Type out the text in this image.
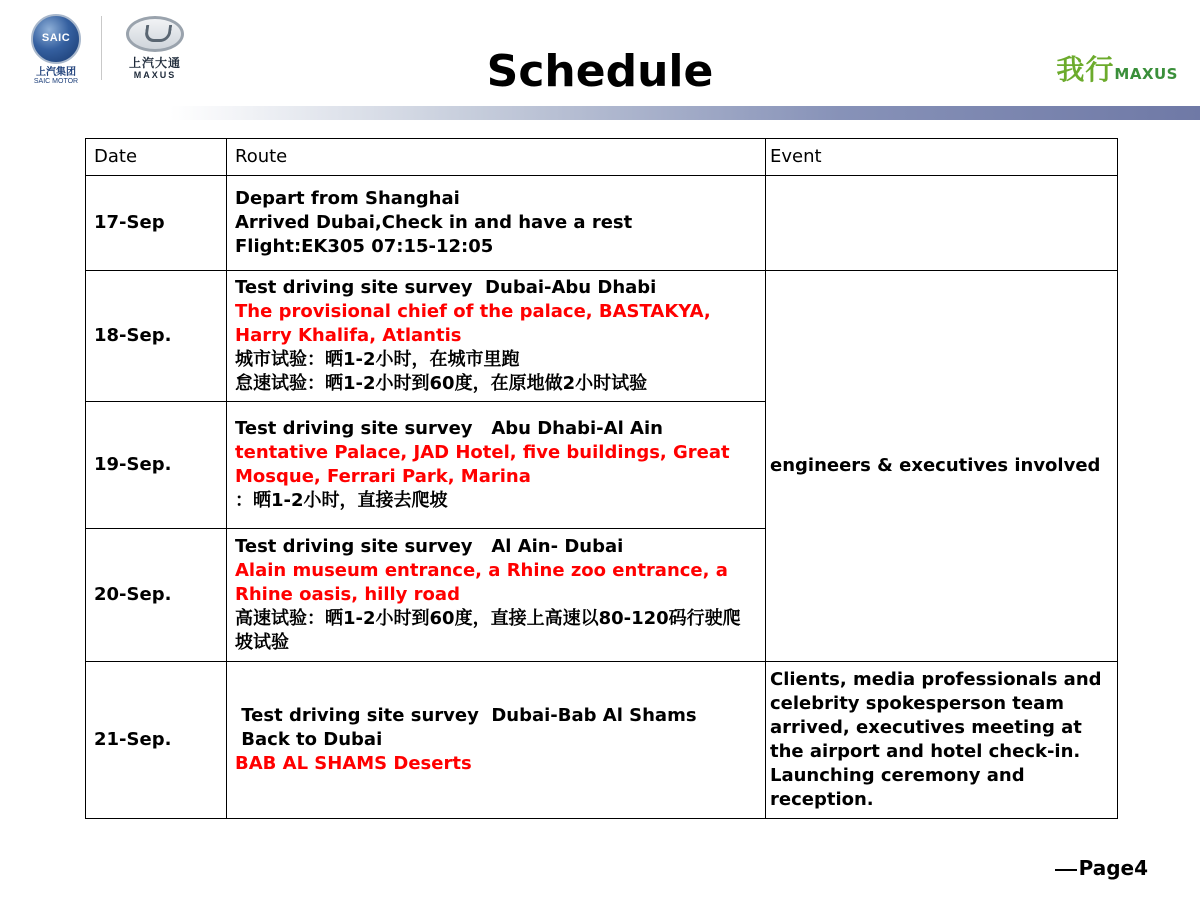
SAIC
上汽集团
SAIC MOTOR
上汽大通
MAXUS	Schedule	我行MAXUS
Date	Route	Event
17-Sep	Depart from Shanghai
Arrived Dubai,Check in and have a rest
Flight:EK305 07:15-12:05	

18-Sep.	Test driving site survey  Dubai-Abu Dhabi
The provisional chief of the palace, BASTAKYA, Harry Khalifa, Atlantis
城市试验：晒1-2小时，在城市里跑
怠速试验：晒1-2小时到60度，在原地做2小时试验	engineers & executives involved
19-Sep.	Test driving site survey   Abu Dhabi-Al Ain
tentative Palace, JAD Hotel, five buildings, Great Mosque, Ferrari Park, Marina
：晒1-2小时，直接去爬坡	

20-Sep.	Test driving site survey   Al Ain- Dubai
Alain museum entrance, a Rhine zoo entrance, a Rhine oasis, hilly road
高速试验：晒1-2小时到60度，直接上高速以80-120码行驶爬坡试验	

21-Sep.	Test driving site survey  Dubai-Bab Al Shams
Back to Dubai
BAB AL SHAMS Deserts	Clients, media professionals and celebrity spokesperson team arrived, executives meeting at the airport and hotel check-in. Launching ceremony and reception.
Page4
